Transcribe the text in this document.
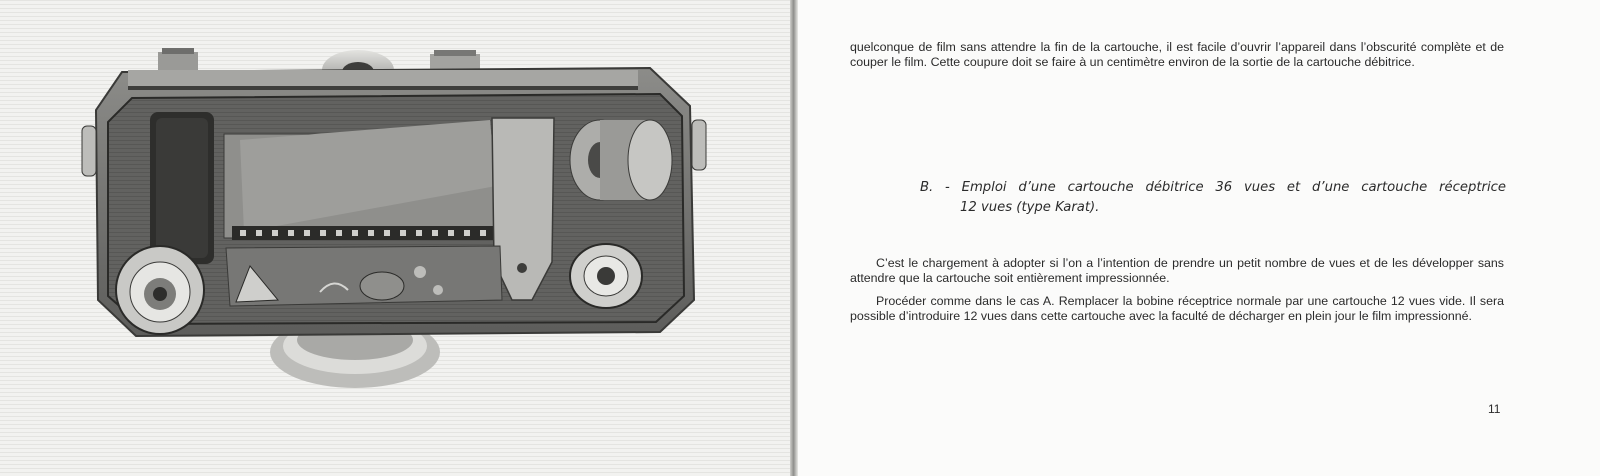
quelconque de film sans attendre la fin de la cartouche, il est facile d’ouvrir l’appareil dans l’obscurité complète et de couper le film. Cette coupure doit se faire à un centimètre environ de la sortie de la cartouche débitrice.

B. - Emploi d’une cartouche débitrice 36 vues et d’une cartouche réceptrice
12 vues (type Karat).

C’est le chargement à adopter si l’on a l’intention de prendre un petit nombre de vues et de les développer sans attendre que la cartouche soit entièrement impressionnée.

Procéder comme dans le cas A. Remplacer la bobine réceptrice normale par une cartouche 12 vues vide. Il sera possible d’introduire 12 vues dans cette cartouche avec la faculté de décharger en plein jour le film impressionné.

11
